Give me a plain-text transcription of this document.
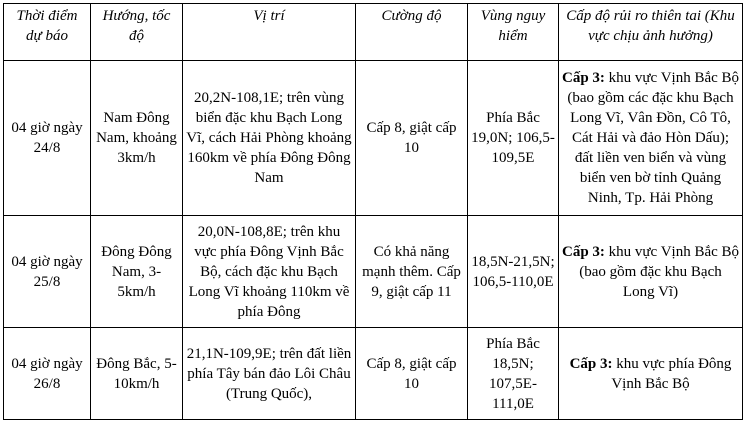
Thời điểm dự báo	Hướng, tốc độ	Vị trí	Cường độ	Vùng nguy hiểm	Cấp độ rủi ro thiên tai (Khu vực chịu ảnh hưởng)
04 giờ ngày 24/8	Nam Đông Nam, khoảng 3km/h	20,2N-108,1E; trên vùng biển đặc khu Bạch Long Vĩ, cách Hải Phòng khoảng 160km về phía Đông Đông Nam	Cấp 8, giật cấp 10	Phía Bắc 19,0N; 106,5-109,5E	Cấp 3: khu vực Vịnh Bắc Bộ (bao gồm các đặc khu Bạch Long Vĩ, Vân Đồn, Cô Tô, Cát Hải và đảo Hòn Dấu); đất liền ven biển và vùng biển ven bờ tỉnh Quảng Ninh, Tp. Hải Phòng
04 giờ ngày 25/8	Đông Đông Nam, 3-5km/h	20,0N-108,8E; trên khu vực phía Đông Vịnh Bắc Bộ, cách đặc khu Bạch Long Vĩ khoảng 110km về phía Đông	Có khả năng mạnh thêm. Cấp 9, giật cấp 11	18,5N-21,5N; 106,5-110,0E	Cấp 3: khu vực Vịnh Bắc Bộ (bao gồm đặc khu Bạch Long Vĩ)
04 giờ ngày 26/8	Đông Bắc, 5-10km/h	21,1N-109,9E; trên đất liền phía Tây bán đảo Lôi Châu (Trung Quốc),	Cấp 8, giật cấp 10	Phía Bắc 18,5N; 107,5E-111,0E	Cấp 3: khu vực phía Đông Vịnh Bắc Bộ
